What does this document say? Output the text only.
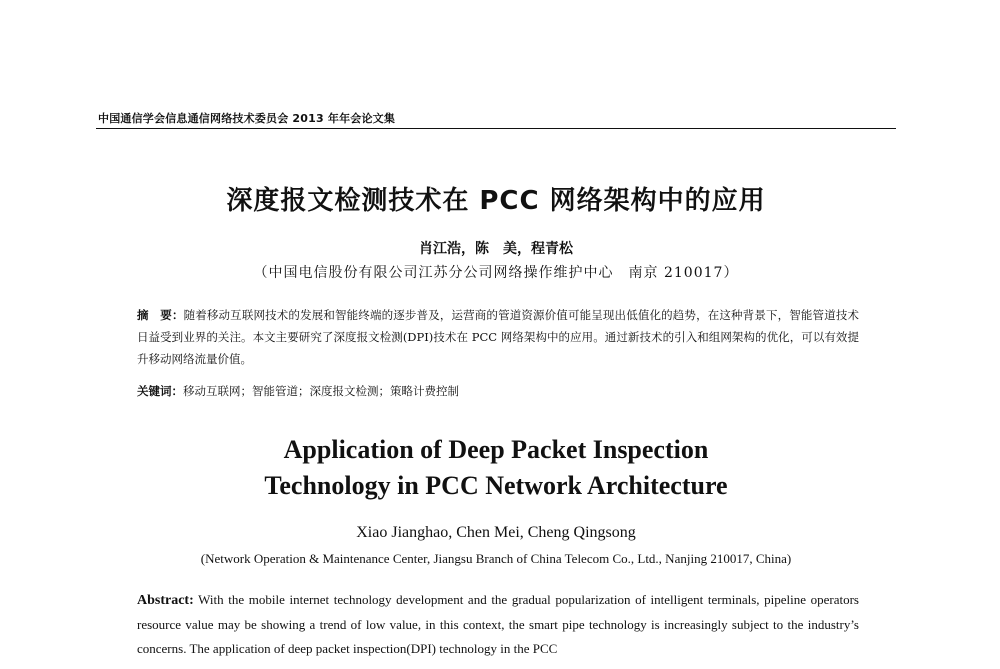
中国通信学会信息通信网络技术委员会 2013 年年会论文集
深度报文检测技术在 PCC 网络架构中的应用
肖江浩，陈　美，程青松
（中国电信股份有限公司江苏分公司网络操作维护中心　南京 210017）
摘　要：随着移动互联网技术的发展和智能终端的逐步普及，运营商的管道资源价值可能呈现出低值化的趋势，在这种背景下，智能管道技术日益受到业界的关注。本文主要研究了深度报文检测(DPI)技术在 PCC 网络架构中的应用。通过新技术的引入和组网架构的优化，可以有效提升移动网络流量价值。
关键词：移动互联网；智能管道；深度报文检测；策略计费控制
Application of Deep Packet Inspection
Technology in PCC Network Architecture
Xiao Jianghao, Chen Mei, Cheng Qingsong
(Network Operation & Maintenance Center, Jiangsu Branch of China Telecom Co., Ltd., Nanjing 210017, China)
Abstract: With the mobile internet technology development and the gradual popularization of intelligent terminals, pipeline operators resource value may be showing a trend of low value, in this context, the smart pipe technology is increasingly subject to the industry’s concerns. The application of deep packet inspection(DPI) technology in the PCC
